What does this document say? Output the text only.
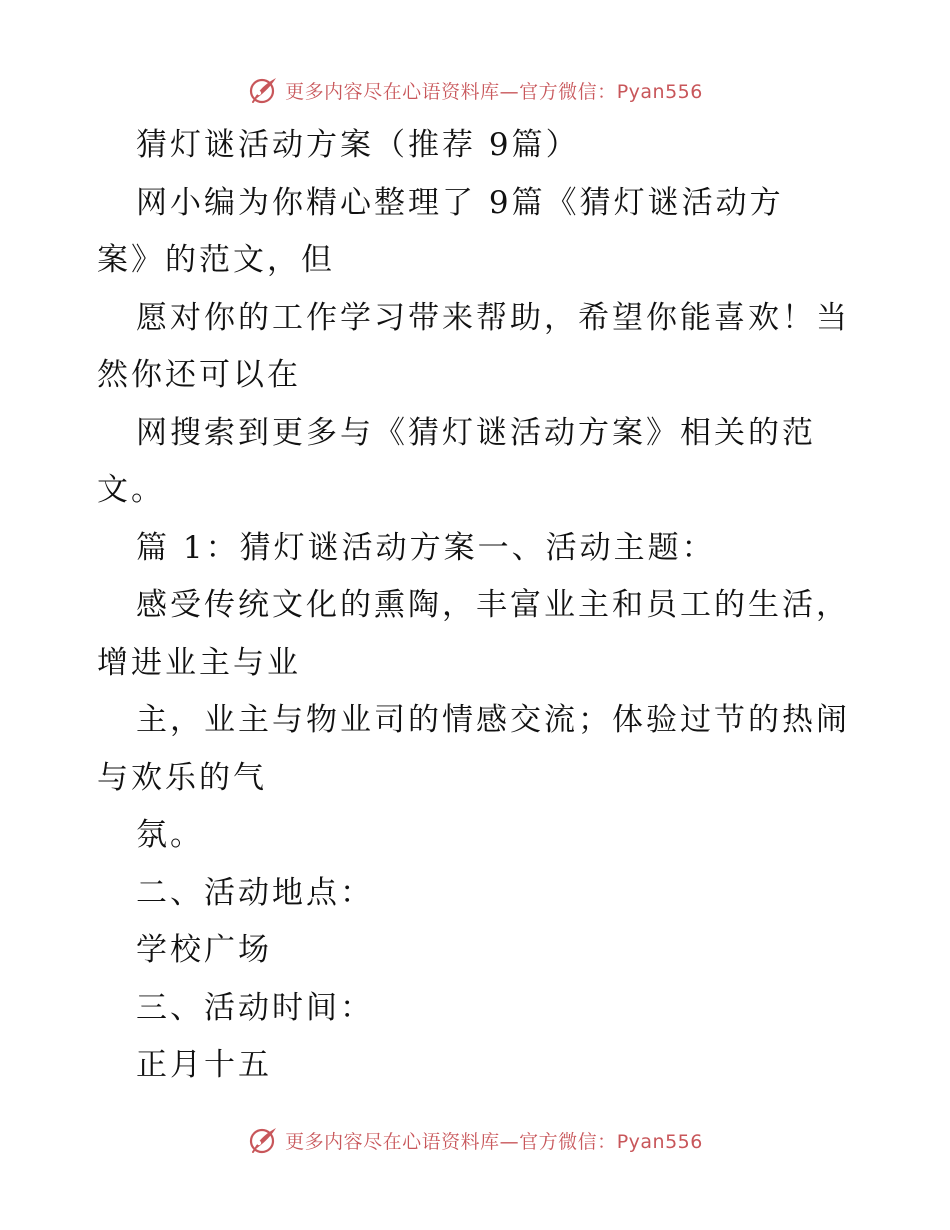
更多内容尽在心语资料库—官方微信：Pyan556
猜灯谜活动方案（推荐 9篇）
网小编为你精心整理了 9篇《猜灯谜活动方
案》的范文，但
愿对你的工作学习带来帮助，希望你能喜欢！当
然你还可以在
网搜索到更多与《猜灯谜活动方案》相关的范
文。
篇 1：猜灯谜活动方案一、活动主题：
感受传统文化的熏陶，丰富业主和员工的生活，
增进业主与业
主，业主与物业司的情感交流；体验过节的热闹
与欢乐的气
氛。
二、活动地点：
学校广场
三、活动时间：
正月十五
更多内容尽在心语资料库—官方微信：Pyan556
